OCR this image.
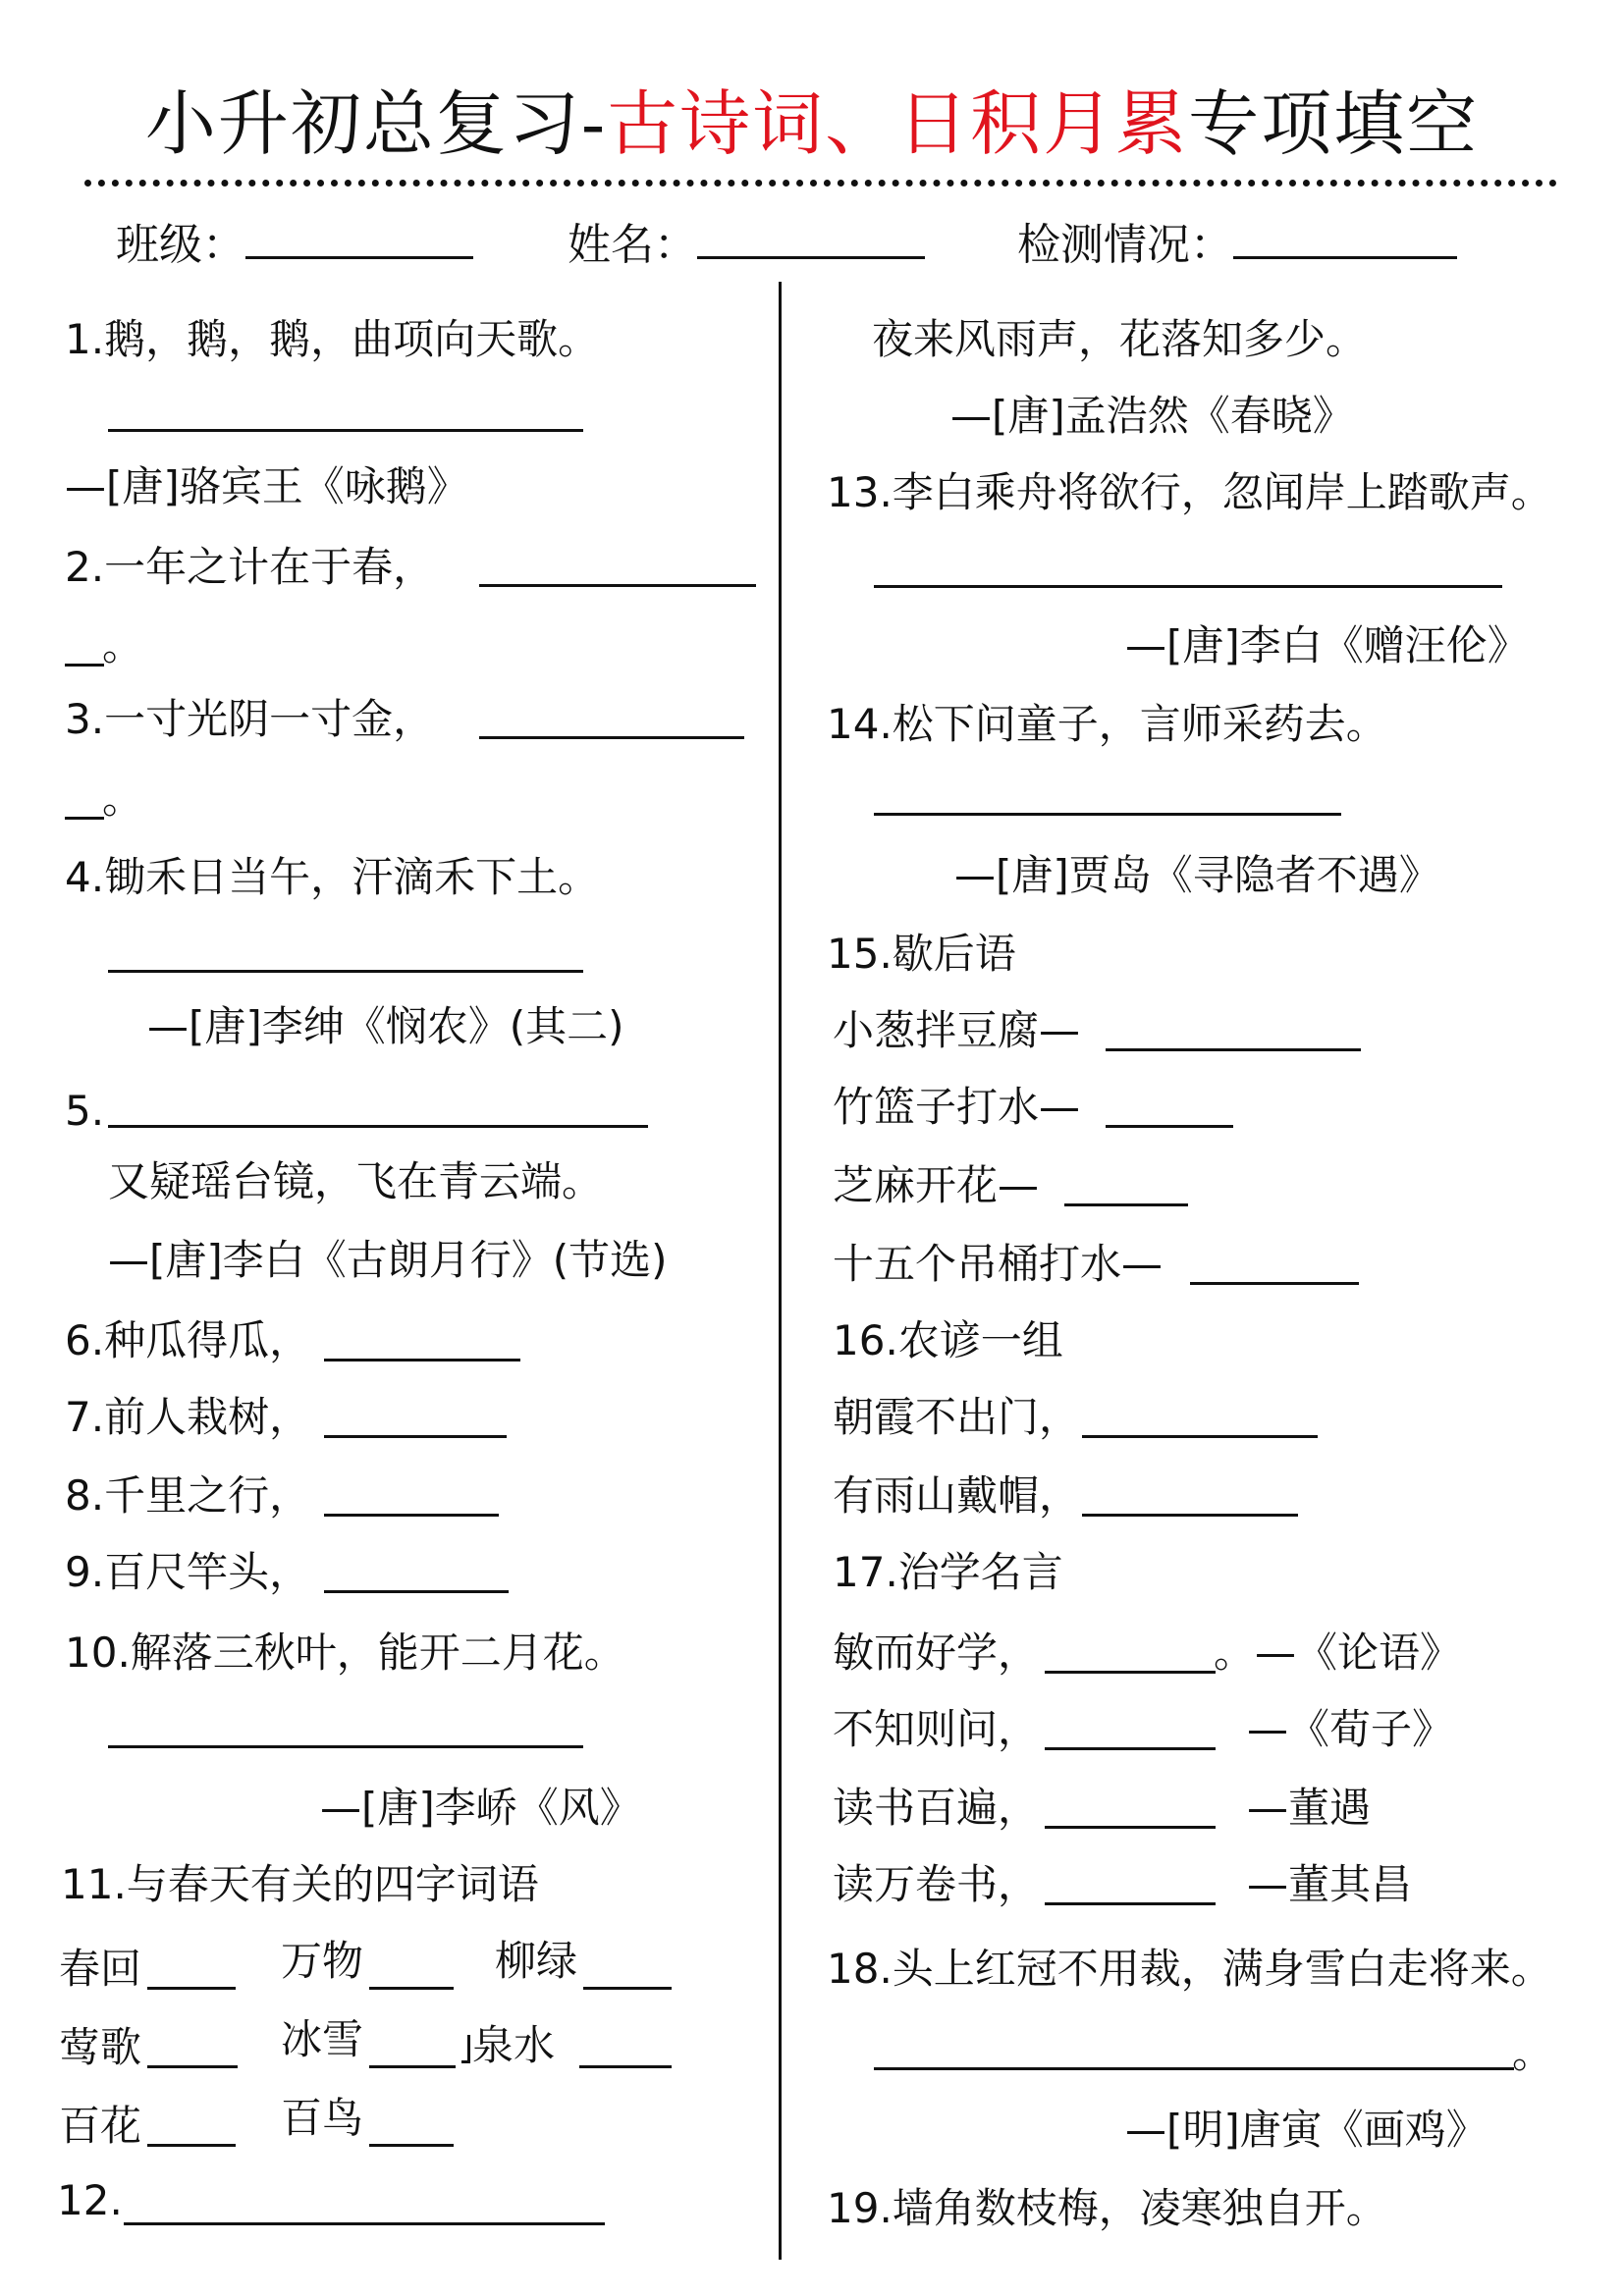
小升初总复习-古诗词、日积月累专项填空
班级：	姓名：	检测情况：
1.鹅，鹅，鹅，曲项向天歌。
—[唐]骆宾王《咏鹅》
2.一年之计在于春，
。
3.一寸光阴一寸金，
。
4.锄禾日当午，汗滴禾下土。
—[唐]李绅《悯农》(其二)
5.
又疑瑶台镜，飞在青云端。
—[唐]李白《古朗月行》(节选)
6.种瓜得瓜，
7.前人栽树，
8.千里之行，
9.百尺竿头，
10.解落三秋叶，能开二月花。
—[唐]李峤《风》
11.与春天有关的四字词语
春回	万物	柳绿
莺歌	冰雪	泉水
百花	百鸟
12.
夜来风雨声，花落知多少。
—[唐]孟浩然《春晓》
13.李白乘舟将欲行，忽闻岸上踏歌声。
—[唐]李白《赠汪伦》
14.松下问童子，言师采药去。
—[唐]贾岛《寻隐者不遇》
15.歇后语
小葱拌豆腐—
竹篮子打水—
芝麻开花—
十五个吊桶打水—
16.农谚一组
朝霞不出门，
有雨山戴帽，
17.治学名言
敏而好学，	。—《论语》
不知则问，	—《荀子》
读书百遍，	—董遇
读万卷书，	—董其昌
18.头上红冠不用裁，满身雪白走将来。
。
—[明]唐寅《画鸡》
19.墙角数枝梅，凌寒独自开。
